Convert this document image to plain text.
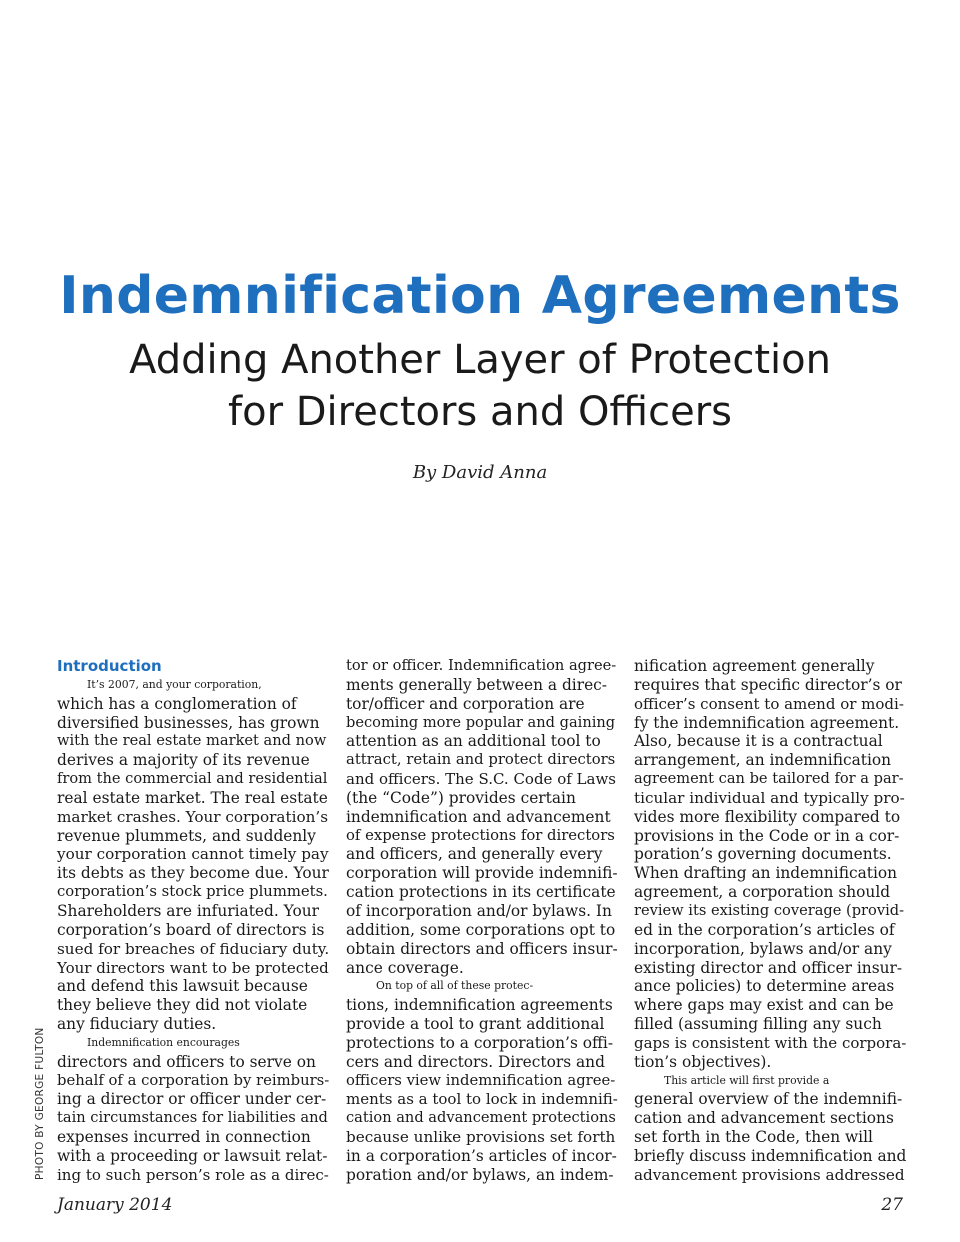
Indemnification Agreements
Adding Another Layer of Protection
for Directors and Officers
By David Anna
Introduction
It’s 2007, and your corporation,
which has a conglomeration of
diversified businesses, has grown
with the real estate market and now
derives a majority of its revenue
from the commercial and residential
real estate market. The real estate
market crashes. Your corporation’s
revenue plummets, and suddenly
your corporation cannot timely pay
its debts as they become due. Your
corporation’s stock price plummets.
Shareholders are infuriated. Your
corporation’s board of directors is
sued for breaches of fiduciary duty.
Your directors want to be protected
and defend this lawsuit because
they believe they did not violate
any fiduciary duties.
Indemnification encourages
directors and officers to serve on
behalf of a corporation by reimburs-
ing a director or officer under cer-
tain circumstances for liabilities and
expenses incurred in connection
with a proceeding or lawsuit relat-
ing to such person’s role as a direc-
tor or officer. Indemnification agree-
ments generally between a direc-
tor/officer and corporation are
becoming more popular and gaining
attention as an additional tool to
attract, retain and protect directors
and officers. The S.C. Code of Laws
(the “Code”) provides certain
indemnification and advancement
of expense protections for directors
and officers, and generally every
corporation will provide indemnifi-
cation protections in its certificate
of incorporation and/or bylaws. In
addition, some corporations opt to
obtain directors and officers insur-
ance coverage.
On top of all of these protec-
tions, indemnification agreements
provide a tool to grant additional
protections to a corporation’s offi-
cers and directors. Directors and
officers view indemnification agree-
ments as a tool to lock in indemnifi-
cation and advancement protections
because unlike provisions set forth
in a corporation’s articles of incor-
poration and/or bylaws, an indem-
nification agreement generally
requires that specific director’s or
officer’s consent to amend or modi-
fy the indemnification agreement.
Also, because it is a contractual
arrangement, an indemnification
agreement can be tailored for a par-
ticular individual and typically pro-
vides more flexibility compared to
provisions in the Code or in a cor-
poration’s governing documents.
When drafting an indemnification
agreement, a corporation should
review its existing coverage (provid-
ed in the corporation’s articles of
incorporation, bylaws and/or any
existing director and officer insur-
ance policies) to determine areas
where gaps may exist and can be
filled (assuming filling any such
gaps is consistent with the corpora-
tion’s objectives).
This article will first provide a
general overview of the indemnifi-
cation and advancement sections
set forth in the Code, then will
briefly discuss indemnification and
advancement provisions addressed
PHOTO BY GEORGE FULTON
January 2014	27
